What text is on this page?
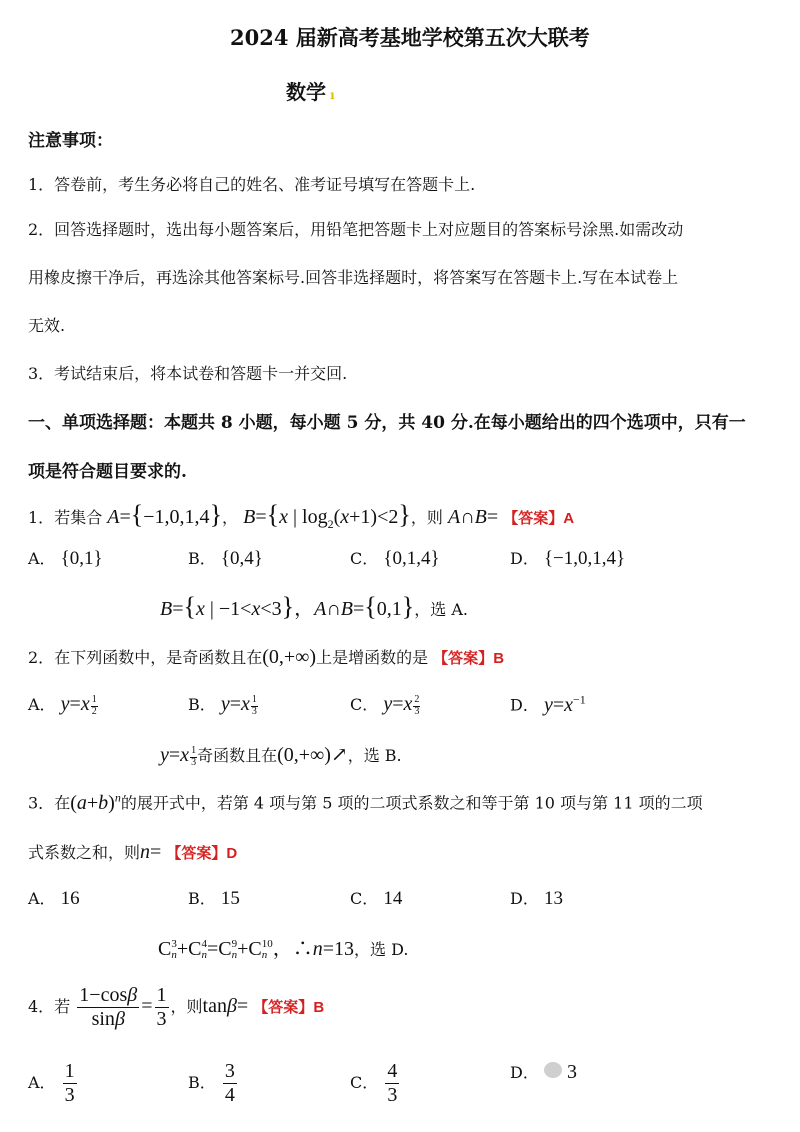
2024 届新高考基地学校第五次大联考
数学 ı
注意事项：
1．答卷前，考生务必将自己的姓名、准考证号填写在答题卡上.
2．回答选择题时，选出每小题答案后，用铅笔把答题卡上对应题目的答案标号涂黑.如需改动
用橡皮擦干净后，再选涂其他答案标号.回答非选择题时，将答案写在答题卡上.写在本试卷上
无效.
3．考试结束后，将本试卷和答题卡一并交回.
一、单项选择题：本题共 8 小题，每小题 5 分，共 40 分.在每小题给出的四个选项中，只有一
项是符合题目要求的.
1．若集合 A={−1,0,1,4}， B={x | $\log_2(x+1)<2$}，则 A∩B= 【答案】A
A． {0,1}	B． {0,4}	C． {0,1,4}	D． {−1,0,1,4}
B={x | −1<x<3}，A∩B={0,1}，选 A.
2．在下列函数中，是奇函数且在(0,+∞)上是增函数的是 【答案】B
A． $y=x \frac{1}{2}$	B． $y=x \frac{1}{3}$	C． $y=x \frac{2}{3}$	D． $y=x^{-1}$
$y=x \frac{1}{3}$ 奇函数且在(0,+∞)↗，选 B.
3．在$(a+b)^n$的展开式中，若第 4 项与第 5 项的二项式系数之和等于第 10 项与第 11 项的二项
式系数之和，则n= 【答案】D
A． 16	B． 15	C． 14	D． 13
C 3
n +C 4
n =C 9
n +C 10
n ，∴n=13，选 D.
4．若 $\frac{1-\cos\beta}{\sin\beta} = \frac{1}{3}$ ，则tanβ= 【答案】B
A． $\frac{1}{3}$	B． $\frac{3}{4}$	C． $\frac{4}{3}$	D．  3
